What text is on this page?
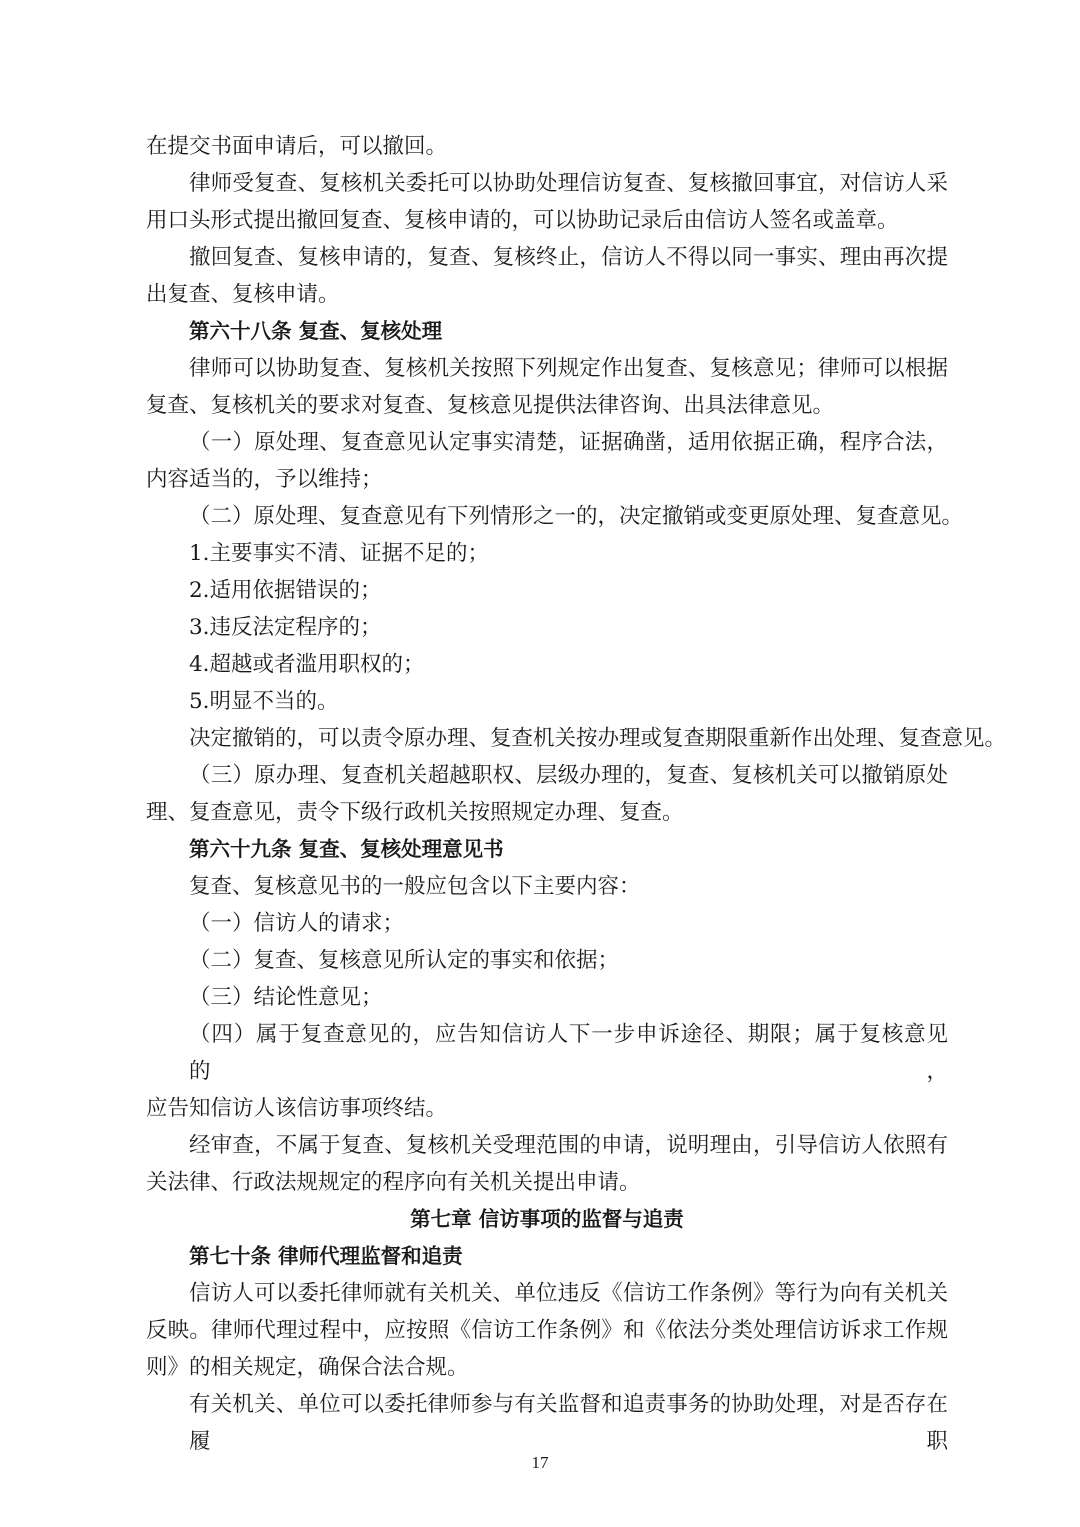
在提交书面申请后，可以撤回。

律师受复查、复核机关委托可以协助处理信访复查、复核撤回事宜，对信访人采

用口头形式提出撤回复查、复核申请的，可以协助记录后由信访人签名或盖章。

撤回复查、复核申请的，复查、复核终止，信访人不得以同一事实、理由再次提

出复查、复核申请。

第六十八条 复查、复核处理

律师可以协助复查、复核机关按照下列规定作出复查、复核意见；律师可以根据

复查、复核机关的要求对复查、复核意见提供法律咨询、出具法律意见。

（一）原处理、复查意见认定事实清楚，证据确凿，适用依据正确，程序合法，

内容适当的，予以维持；

（二）原处理、复查意见有下列情形之一的，决定撤销或变更原处理、复查意见。

1.主要事实不清、证据不足的；

2.适用依据错误的；

3.违反法定程序的；

4.超越或者滥用职权的；

5.明显不当的。

决定撤销的，可以责令原办理、复查机关按办理或复查期限重新作出处理、复查意见。

（三）原办理、复查机关超越职权、层级办理的，复查、复核机关可以撤销原处

理、复查意见，责令下级行政机关按照规定办理、复查。

第六十九条 复查、复核处理意见书

复查、复核意见书的一般应包含以下主要内容：

（一）信访人的请求；

（二）复查、复核意见所认定的事实和依据；

（三）结论性意见；

（四）属于复查意见的，应告知信访人下一步申诉途径、期限；属于复核意见的，

应告知信访人该信访事项终结。

经审查，不属于复查、复核机关受理范围的申请，说明理由，引导信访人依照有

关法律、行政法规规定的程序向有关机关提出申请。

第七章 信访事项的监督与追责

第七十条 律师代理监督和追责

信访人可以委托律师就有关机关、单位违反《信访工作条例》等行为向有关机关

反映。律师代理过程中，应按照《信访工作条例》和《依法分类处理信访诉求工作规

则》的相关规定，确保合法合规。

有关机关、单位可以委托律师参与有关监督和追责事务的协助处理，对是否存在履职

17
